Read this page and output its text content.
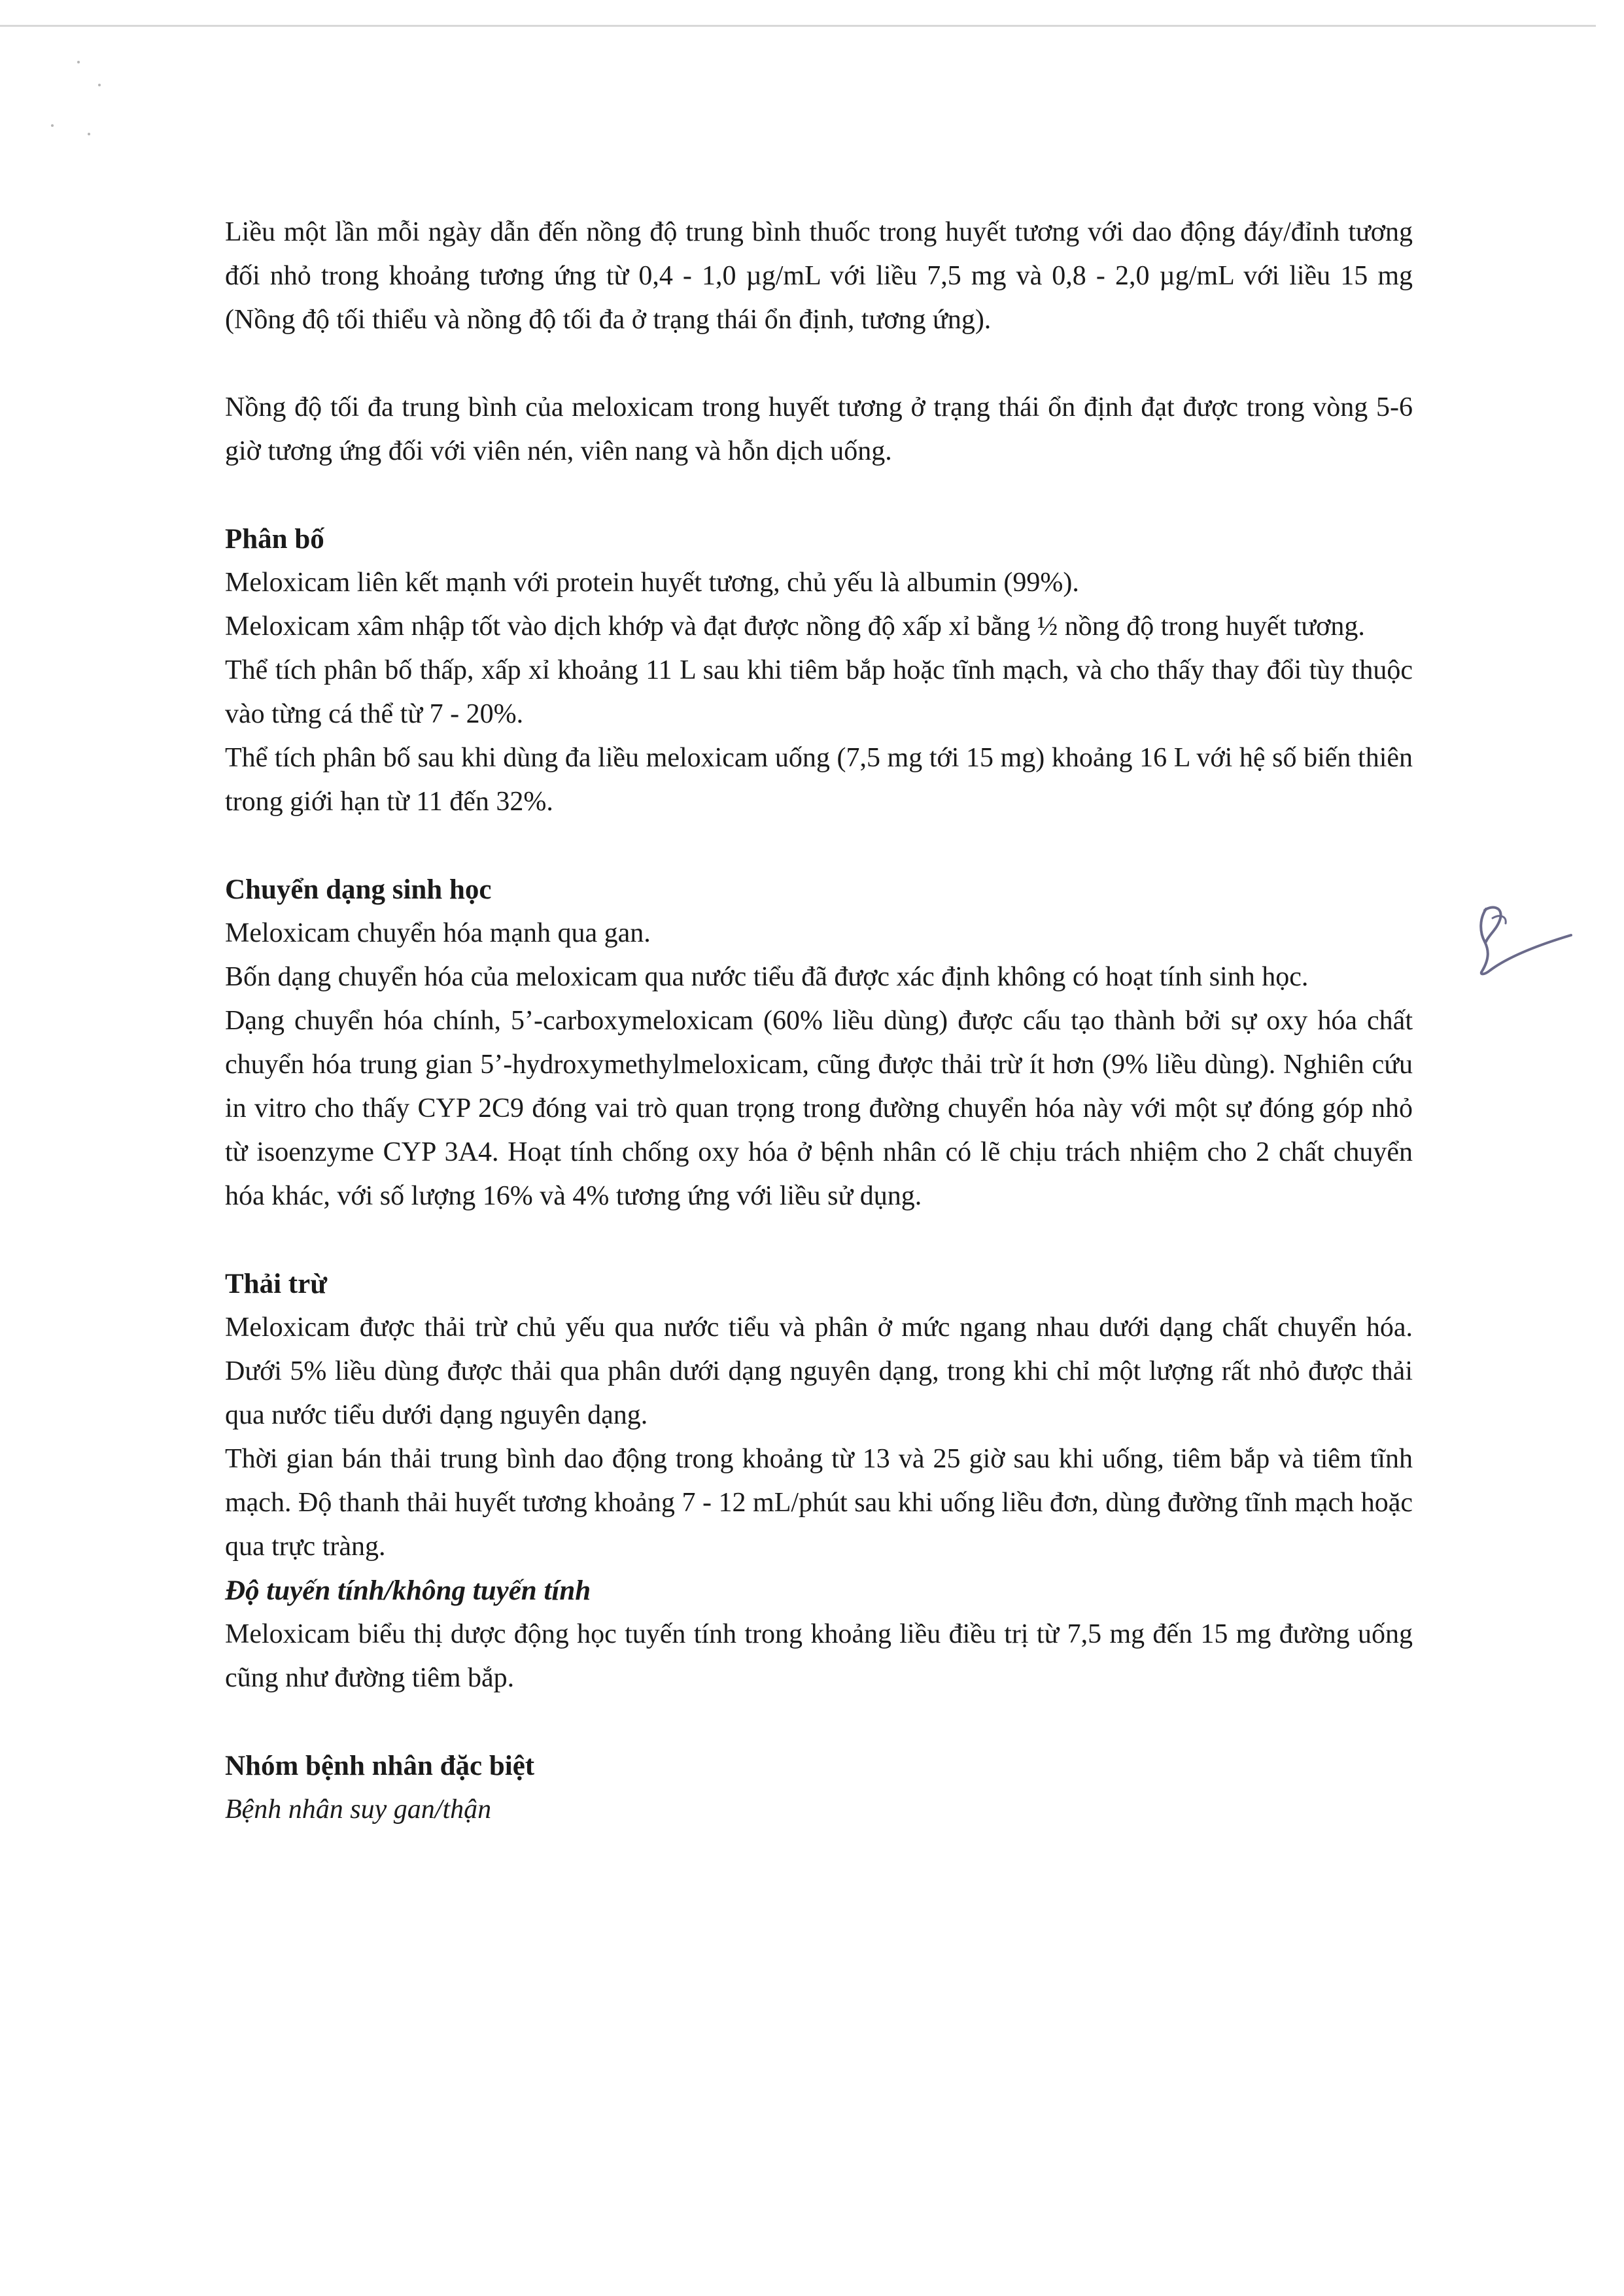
Liều một lần mỗi ngày dẫn đến nồng độ trung bình thuốc trong huyết tương với dao động đáy/đỉnh tương đối nhỏ trong khoảng tương ứng từ 0,4 - 1,0 µg/mL với liều 7,5 mg và 0,8 - 2,0 µg/mL với liều 15 mg (Nồng độ tối thiểu và nồng độ tối đa ở trạng thái ổn định, tương ứng).

Nồng độ tối đa trung bình của meloxicam trong huyết tương ở trạng thái ổn định đạt được trong vòng 5-6 giờ tương ứng đối với viên nén, viên nang và hỗn dịch uống.

Phân bố

Meloxicam liên kết mạnh với protein huyết tương, chủ yếu là albumin (99%).

Meloxicam xâm nhập tốt vào dịch khớp và đạt được nồng độ xấp xỉ bằng ½ nồng độ trong huyết tương.

Thể tích phân bố thấp, xấp xỉ khoảng 11 L sau khi tiêm bắp hoặc tĩnh mạch, và cho thấy thay đổi tùy thuộc vào từng cá thể từ 7 - 20%.

Thể tích phân bố sau khi dùng đa liều meloxicam uống (7,5 mg tới 15 mg) khoảng 16 L với hệ số biến thiên trong giới hạn từ 11 đến 32%.

Chuyển dạng sinh học

Meloxicam chuyển hóa mạnh qua gan.

Bốn dạng chuyển hóa của meloxicam qua nước tiểu đã được xác định không có hoạt tính sinh học.

Dạng chuyển hóa chính, 5’-carboxymeloxicam (60% liều dùng) được cấu tạo thành bởi sự oxy hóa chất chuyển hóa trung gian 5’-hydroxymethylmeloxicam, cũng được thải trừ ít hơn (9% liều dùng). Nghiên cứu in vitro cho thấy CYP 2C9 đóng vai trò quan trọng trong đường chuyển hóa này với một sự đóng góp nhỏ từ isoenzyme CYP 3A4. Hoạt tính chống oxy hóa ở bệnh nhân có lẽ chịu trách nhiệm cho 2 chất chuyển hóa khác, với số lượng 16% và 4% tương ứng với liều sử dụng.

Thải trừ

Meloxicam được thải trừ chủ yếu qua nước tiểu và phân ở mức ngang nhau dưới dạng chất chuyển hóa. Dưới 5% liều dùng được thải qua phân dưới dạng nguyên dạng, trong khi chỉ một lượng rất nhỏ được thải qua nước tiểu dưới dạng nguyên dạng.

Thời gian bán thải trung bình dao động trong khoảng từ 13 và 25 giờ sau khi uống, tiêm bắp và tiêm tĩnh mạch. Độ thanh thải huyết tương khoảng 7 - 12 mL/phút sau khi uống liều đơn, dùng đường tĩnh mạch hoặc qua trực tràng.

Độ tuyến tính/không tuyến tính

Meloxicam biểu thị dược động học tuyến tính trong khoảng liều điều trị từ 7,5 mg đến 15 mg đường uống cũng như đường tiêm bắp.

Nhóm bệnh nhân đặc biệt

Bệnh nhân suy gan/thận
